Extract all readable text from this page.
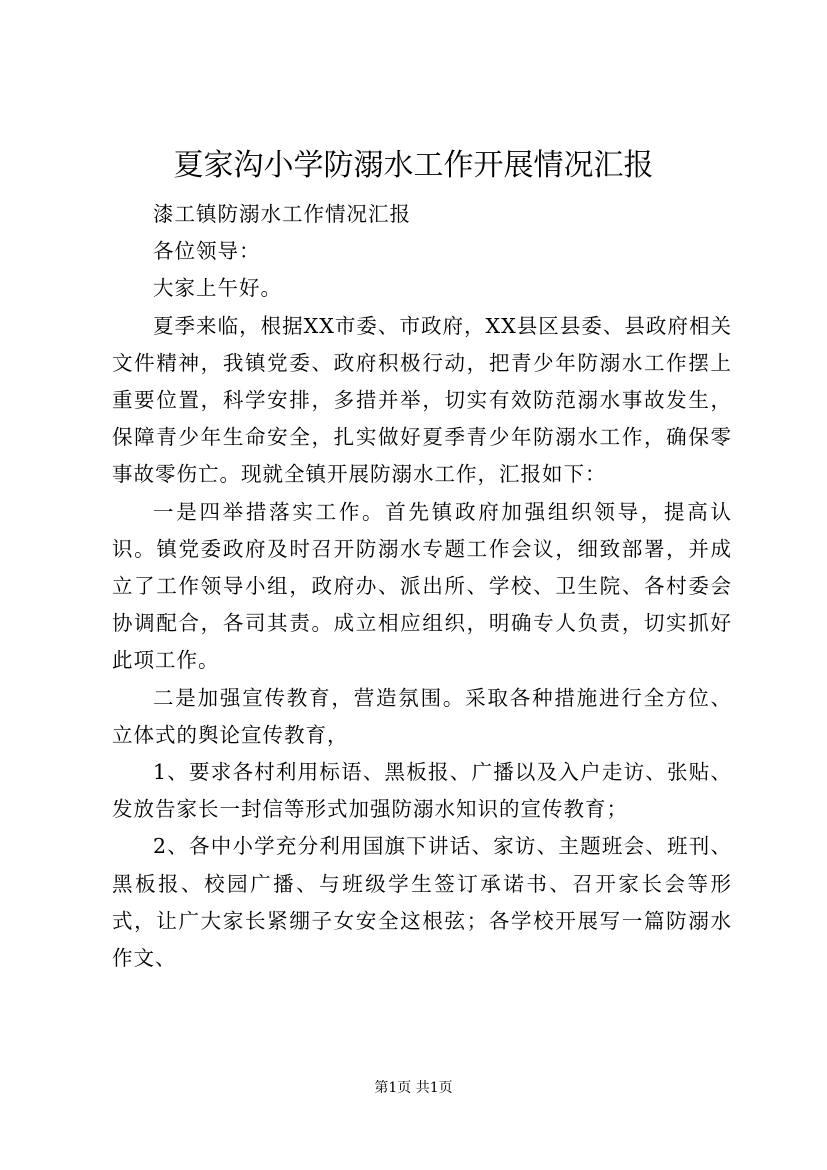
夏家沟小学防溺水工作开展情况汇报

漆工镇防溺水工作情况汇报

各位领导：

大家上午好。

夏季来临，根据XX市委、市政府，XX县区县委、县政府相关文件精神，我镇党委、政府积极行动，把青少年防溺水工作摆上重要位置，科学安排，多措并举，切实有效防范溺水事故发生，保障青少年生命安全，扎实做好夏季青少年防溺水工作，确保零事故零伤亡。现就全镇开展防溺水工作，汇报如下：

一是四举措落实工作。首先镇政府加强组织领导，提高认识。镇党委政府及时召开防溺水专题工作会议，细致部署，并成立了工作领导小组，政府办、派出所、学校、卫生院、各村委会协调配合，各司其责。成立相应组织，明确专人负责，切实抓好此项工作。

二是加强宣传教育，营造氛围。采取各种措施进行全方位、立体式的舆论宣传教育，

1、要求各村利用标语、黑板报、广播以及入户走访、张贴、发放告家长一封信等形式加强防溺水知识的宣传教育；

2、各中小学充分利用国旗下讲话、家访、主题班会、班刊、黑板报、校园广播、与班级学生签订承诺书、召开家长会等形式，让广大家长紧绷子女安全这根弦；各学校开展写一篇防溺水作文、

第1页 共1页
